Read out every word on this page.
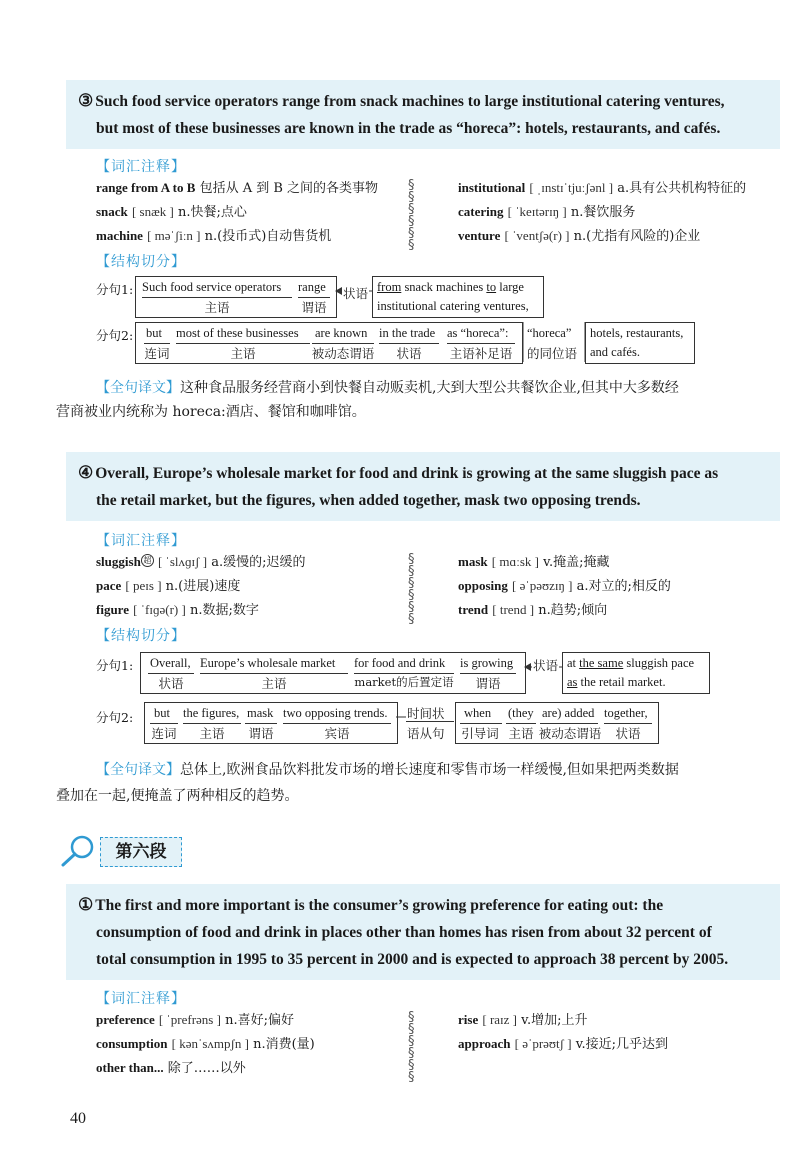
③ Such food service operators range from snack machines to large institutional catering ventures,
but most of these businesses are known in the trade as “horeca”: hotels, restaurants, and cafés.
【词汇注释】
range from A to B 包括从 A 到 B 之间的各类事物
snack [ snæk ] n.快餐;点心
machine [ məˈʃiːn ] n.(投币式)自动售货机
§
§
§
§
§
§
institutional [ ˌɪnstɪˈtjuːʃənl ] a.具有公共机构特征的
catering [ ˈkeɪtərɪŋ ] n.餐饮服务
venture [ ˈventʃə(r) ] n.(尤指有风险的)企业
【结构切分】
分句1: Such food service operators
主语
range
谓语
状语 from snack machines to large
institutional catering ventures,
分句2: but
连词
most of these businesses
主语
are known
被动态谓语
in the trade
状语
as “horeca”:
主语补足语
“horeca”
的同位语
hotels, restaurants,
and cafés.
【全句译文】这种食品服务经营商小到快餐自动贩卖机,大到大型公共餐饮企业,但其中大多数经
营商被业内统称为 horeca:酒店、餐馆和咖啡馆。
④ Overall, Europe’s wholesale market for food and drink is growing at the same sluggish pace as
the retail market, but the figures, when added together, mask two opposing trends.
【词汇注释】
sluggish 超 [ ˈslʌɡɪʃ ] a.缓慢的;迟缓的
pace [ peɪs ] n.(进展)速度
figure [ ˈfɪɡə(r) ] n.数据;数字
§
§
§
§
§
§
mask [ mɑːsk ] v.掩盖;掩藏
opposing [ əˈpəʊzɪŋ ] a.对立的;相反的
trend [ trend ] n.趋势;倾向
【结构切分】
分句1: Overall,
状语
Europe’s wholesale market
主语
for food and drink
market的后置定语
is growing
谓语
状语 at the same sluggish pace
as the retail market.
分句2: but
连词
the figures,
主语
mask
谓语
two opposing trends.
宾语
时间状
语从句
when
引导词
(they
主语
are) added
被动态谓语
together,
状语
【全句译文】总体上,欧洲食品饮料批发市场的增长速度和零售市场一样缓慢,但如果把两类数据
叠加在一起,便掩盖了两种相反的趋势。
第六段
① The first and more important is the consumer’s growing preference for eating out: the
consumption of food and drink in places other than homes has risen from about 32 percent of
total consumption in 1995 to 35 percent in 2000 and is expected to approach 38 percent by 2005.
【词汇注释】
preference [ ˈprefrəns ] n.喜好;偏好
consumption [ kənˈsʌmpʃn ] n.消费(量)
other than... 除了……以外
§
§
§
§
§
§
rise [ raɪz ] v.增加;上升
approach [ əˈprəʊtʃ ] v.接近;几乎达到
40
